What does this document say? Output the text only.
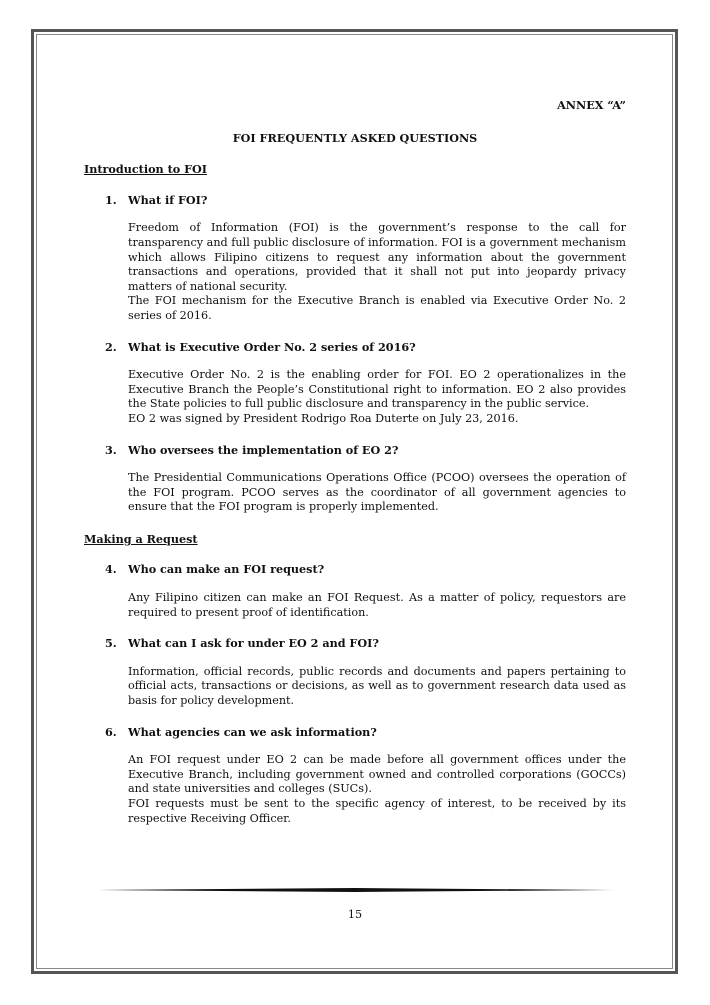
ANNEX “A”
FOI FREQUENTLY ASKED QUESTIONS
Introduction to FOI
1.	What if FOI?

Freedom of Information (FOI) is the government’s response to the call for transparency and full public disclosure of information. FOI is a government mechanism which allows Filipino citizens to request any information about the government transactions and operations, provided that it shall not put into jeopardy privacy matters of national security.

The FOI mechanism for the Executive Branch is enabled via Executive Order No. 2 series of 2016.

2.	What is Executive Order No. 2 series of 2016?

Executive Order No. 2 is the enabling order for FOI. EO 2 operationalizes in the Executive Branch the People’s Constitutional right to information. EO 2 also provides the State policies to full public disclosure and transparency in the public service.

EO 2 was signed by President Rodrigo Roa Duterte on July 23, 2016.

3.	Who oversees the implementation of EO 2?

The Presidential Communications Operations Office (PCOO) oversees the operation of the FOI program. PCOO serves as the coordinator of all government agencies to ensure that the FOI program is properly implemented.

Making a Request
4.	Who can make an FOI request?

Any Filipino citizen can make an FOI Request. As a matter of policy, requestors are required to present proof of identification.

5.	What can I ask for under EO 2 and FOI?

Information, official records, public records and documents and papers pertaining to official acts, transactions or decisions, as well as to government research data used as basis for policy development.

6.	What agencies can we ask information?

An FOI request under EO 2 can be made before all government offices under the Executive Branch, including government owned and controlled corporations (GOCCs) and state universities and colleges (SUCs).

FOI requests must be sent to the specific agency of interest, to be received by its respective Receiving Officer.

15
